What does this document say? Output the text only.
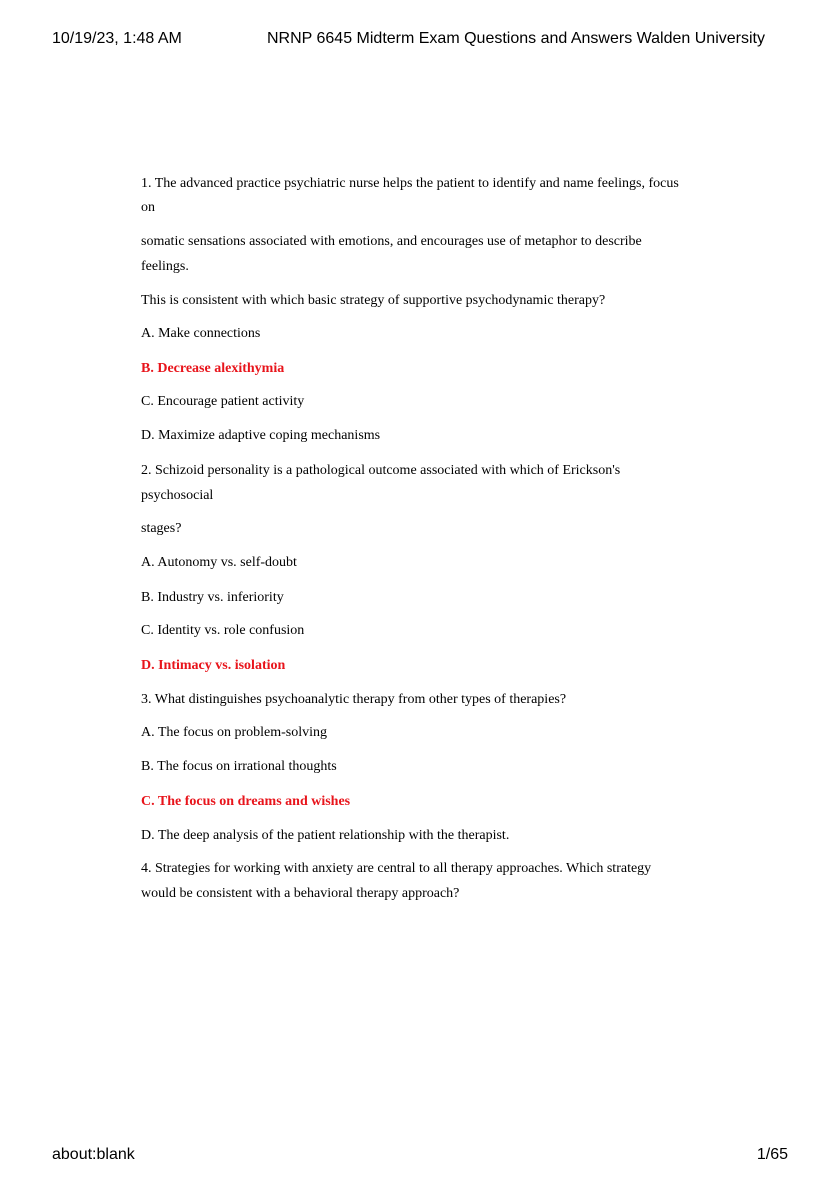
10/19/23, 1:48 AM	NRNP 6645 Midterm Exam Questions and Answers Walden University
1. The advanced practice psychiatric nurse helps the patient to identify and name feelings, focus
on
somatic sensations associated with emotions, and encourages use of metaphor to describe
feelings.
This is consistent with which basic strategy of supportive psychodynamic therapy?
A. Make connections
B. Decrease alexithymia
C. Encourage patient activity
D. Maximize adaptive coping mechanisms
2. Schizoid personality is a pathological outcome associated with which of Erickson's
psychosocial
stages?
A. Autonomy vs. self-doubt
B. Industry vs. inferiority
C. Identity vs. role confusion
D. Intimacy vs. isolation
3. What distinguishes psychoanalytic therapy from other types of therapies?
A. The focus on problem-solving
B. The focus on irrational thoughts
C. The focus on dreams and wishes
D. The deep analysis of the patient relationship with the therapist.
4. Strategies for working with anxiety are central to all therapy approaches. Which strategy
would be consistent with a behavioral therapy approach?
about:blank	1/65
